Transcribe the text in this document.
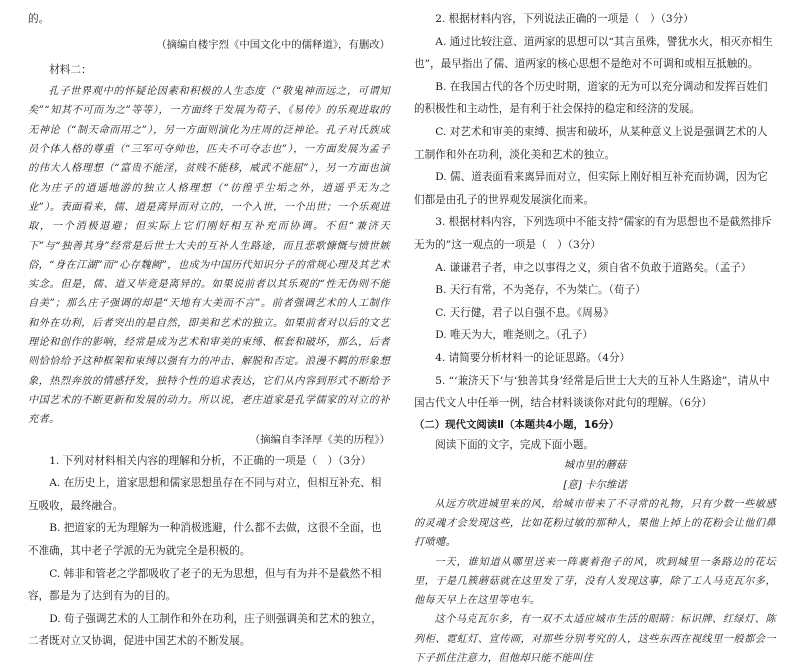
的。

（摘编自楼宇烈《中国文化中的儒释道》，有删改）

材料二：

孔子世界观中的怀疑论因素和积极的人生态度（“敬鬼神而远之，可谓知矣”“知其不可而为之”等等），一方面终于发展为荀子、《易传》的乐观进取的无神论（“制天命而用之”），另一方面则演化为庄周的泛神论。孔子对氏族成员个体人格的尊重（“三军可夺帅也，匹夫不可夺志也”），一方面发展为孟子的伟大人格理想（“富贵不能淫，贫贱不能移，威武不能屈”），另一方面也演化为庄子的逍遥地游的独立人格理想（“彷徨乎尘垢之外，逍遥乎无为之业”）。表面看来，儒、道是离异而对立的，一个入世，一个出世；一个乐观进取，一个消极退避；但实际上它们刚好相互补充而协调。不但“兼济天下”与“独善其身”经常是后世士大夫的互补人生路途，而且悲歌慷慨与愤世嫉俗，“身在江湖”而“心存魏阙”，也成为中国历代知识分子的常规心理及其艺术实念。但是，儒、道又毕竟是离异的。如果说前者以其乐观的“性无伪则不能自美”；那么庄子强调的却是“天地有大美而不言”。前者强调艺术的人工制作和外在功利，后者突出的是自然，即美和艺术的独立。如果前者对以后的文艺理论和创作的影响，经常是成为艺术和审美的束缚、框套和破坏，那么，后者则恰恰给予这种框架和束缚以强有力的冲击、解脱和否定。浪漫不羁的形象想象，热烈奔放的情感抒发，独特个性的追求表达，它们从内容到形式不断给予中国艺术的不断更新和发展的动力。所以说，老庄道家是孔学儒家的对立的补充者。

（摘编自李泽厚《美的历程》）

1. 下列对材料相关内容的理解和分析，不正确的一项是（　）（3分）

A. 在历史上，道家思想和儒家思想虽存在不同与对立，但相互补充、相互吸收，最终融合。

B. 把道家的无为理解为一种消极逃避，什么都不去做，这很不全面，也不准确，其中老子学派的无为就完全是积极的。

C. 韩非和管老之学都吸收了老子的无为思想，但与有为并不是截然不相容，都是为了达到有为的目的。

D. 荀子强调艺术的人工制作和外在功利，庄子则强调美和艺术的独立，二者既对立又协调，促进中国艺术的不断发展。

2. 根据材料内容，下列说法正确的一项是（　）（3分）

A. 通过比较注意、道两家的思想可以“其言虽殊，譬犹水火，相灭亦相生也”，最早指出了儒、道两家的核心思想不是绝对不可调和或相互抵触的。

B. 在我国古代的各个历史时期，道家的无为可以充分调动和发挥百姓们的积极性和主动性，是有利于社会保持的稳定和经济的发展。

C. 对艺术和审美的束缚、损害和破坏，从某种意义上说是强调艺术的人工制作和外在功利，淡化美和艺术的独立。

D. 儒、道表面看来离异而对立，但实际上刚好相互补充而协调，因为它们都是由孔子的世界观发展演化而来。

3. 根据材料内容，下列选项中不能支持“儒家的有为思想也不是截然排斥无为的”这一观点的一项是（　）（3分）

A. 谦谦君子者，申之以事得之义，须自省不负敢于道路矣。（孟子）

B. 天行有常，不为尧存，不为桀亡。（荀子）

C. 天行健，君子以自强不息。《周易》

D. 唯天为大，唯尧则之。（孔子）

4. 请简要分析材料一的论证思路。（4分）

5. “‘兼济天下’与‘独善其身’经常是后世士大夫的互补人生路途”，请从中国古代文人中任举一例，结合材料谈谈你对此句的理解。（6分）

（二）现代文阅读Ⅱ（本题共4小题，16分）

阅读下面的文字，完成下面小题。

城市里的蘑菇

[意] 卡尔维诺

从远方吹进城里来的风，给城市带来了不寻常的礼物，只有少数一些敏感的灵魂才会发现这些，比如花粉过敏的那种人，果他上掉上的花粉会让他们鼻打喷嚏。

一天，谁知道从哪里送来一阵裹着孢子的风，吹到城里一条路边的花坛里，于是几簇蘑菇就在这里发了芽，没有人发现这事，除了工人马克瓦尔多，他每天早上在这里等电车。

这个马克瓦尔多，有一双不太适应城市生活的眼睛：标识牌、红绿灯、陈列柜、霓虹灯、宣传画，对那些分别考究的人，这些东西在视线里一般都会一下子抓住注意力，但他却只能不能叫住
